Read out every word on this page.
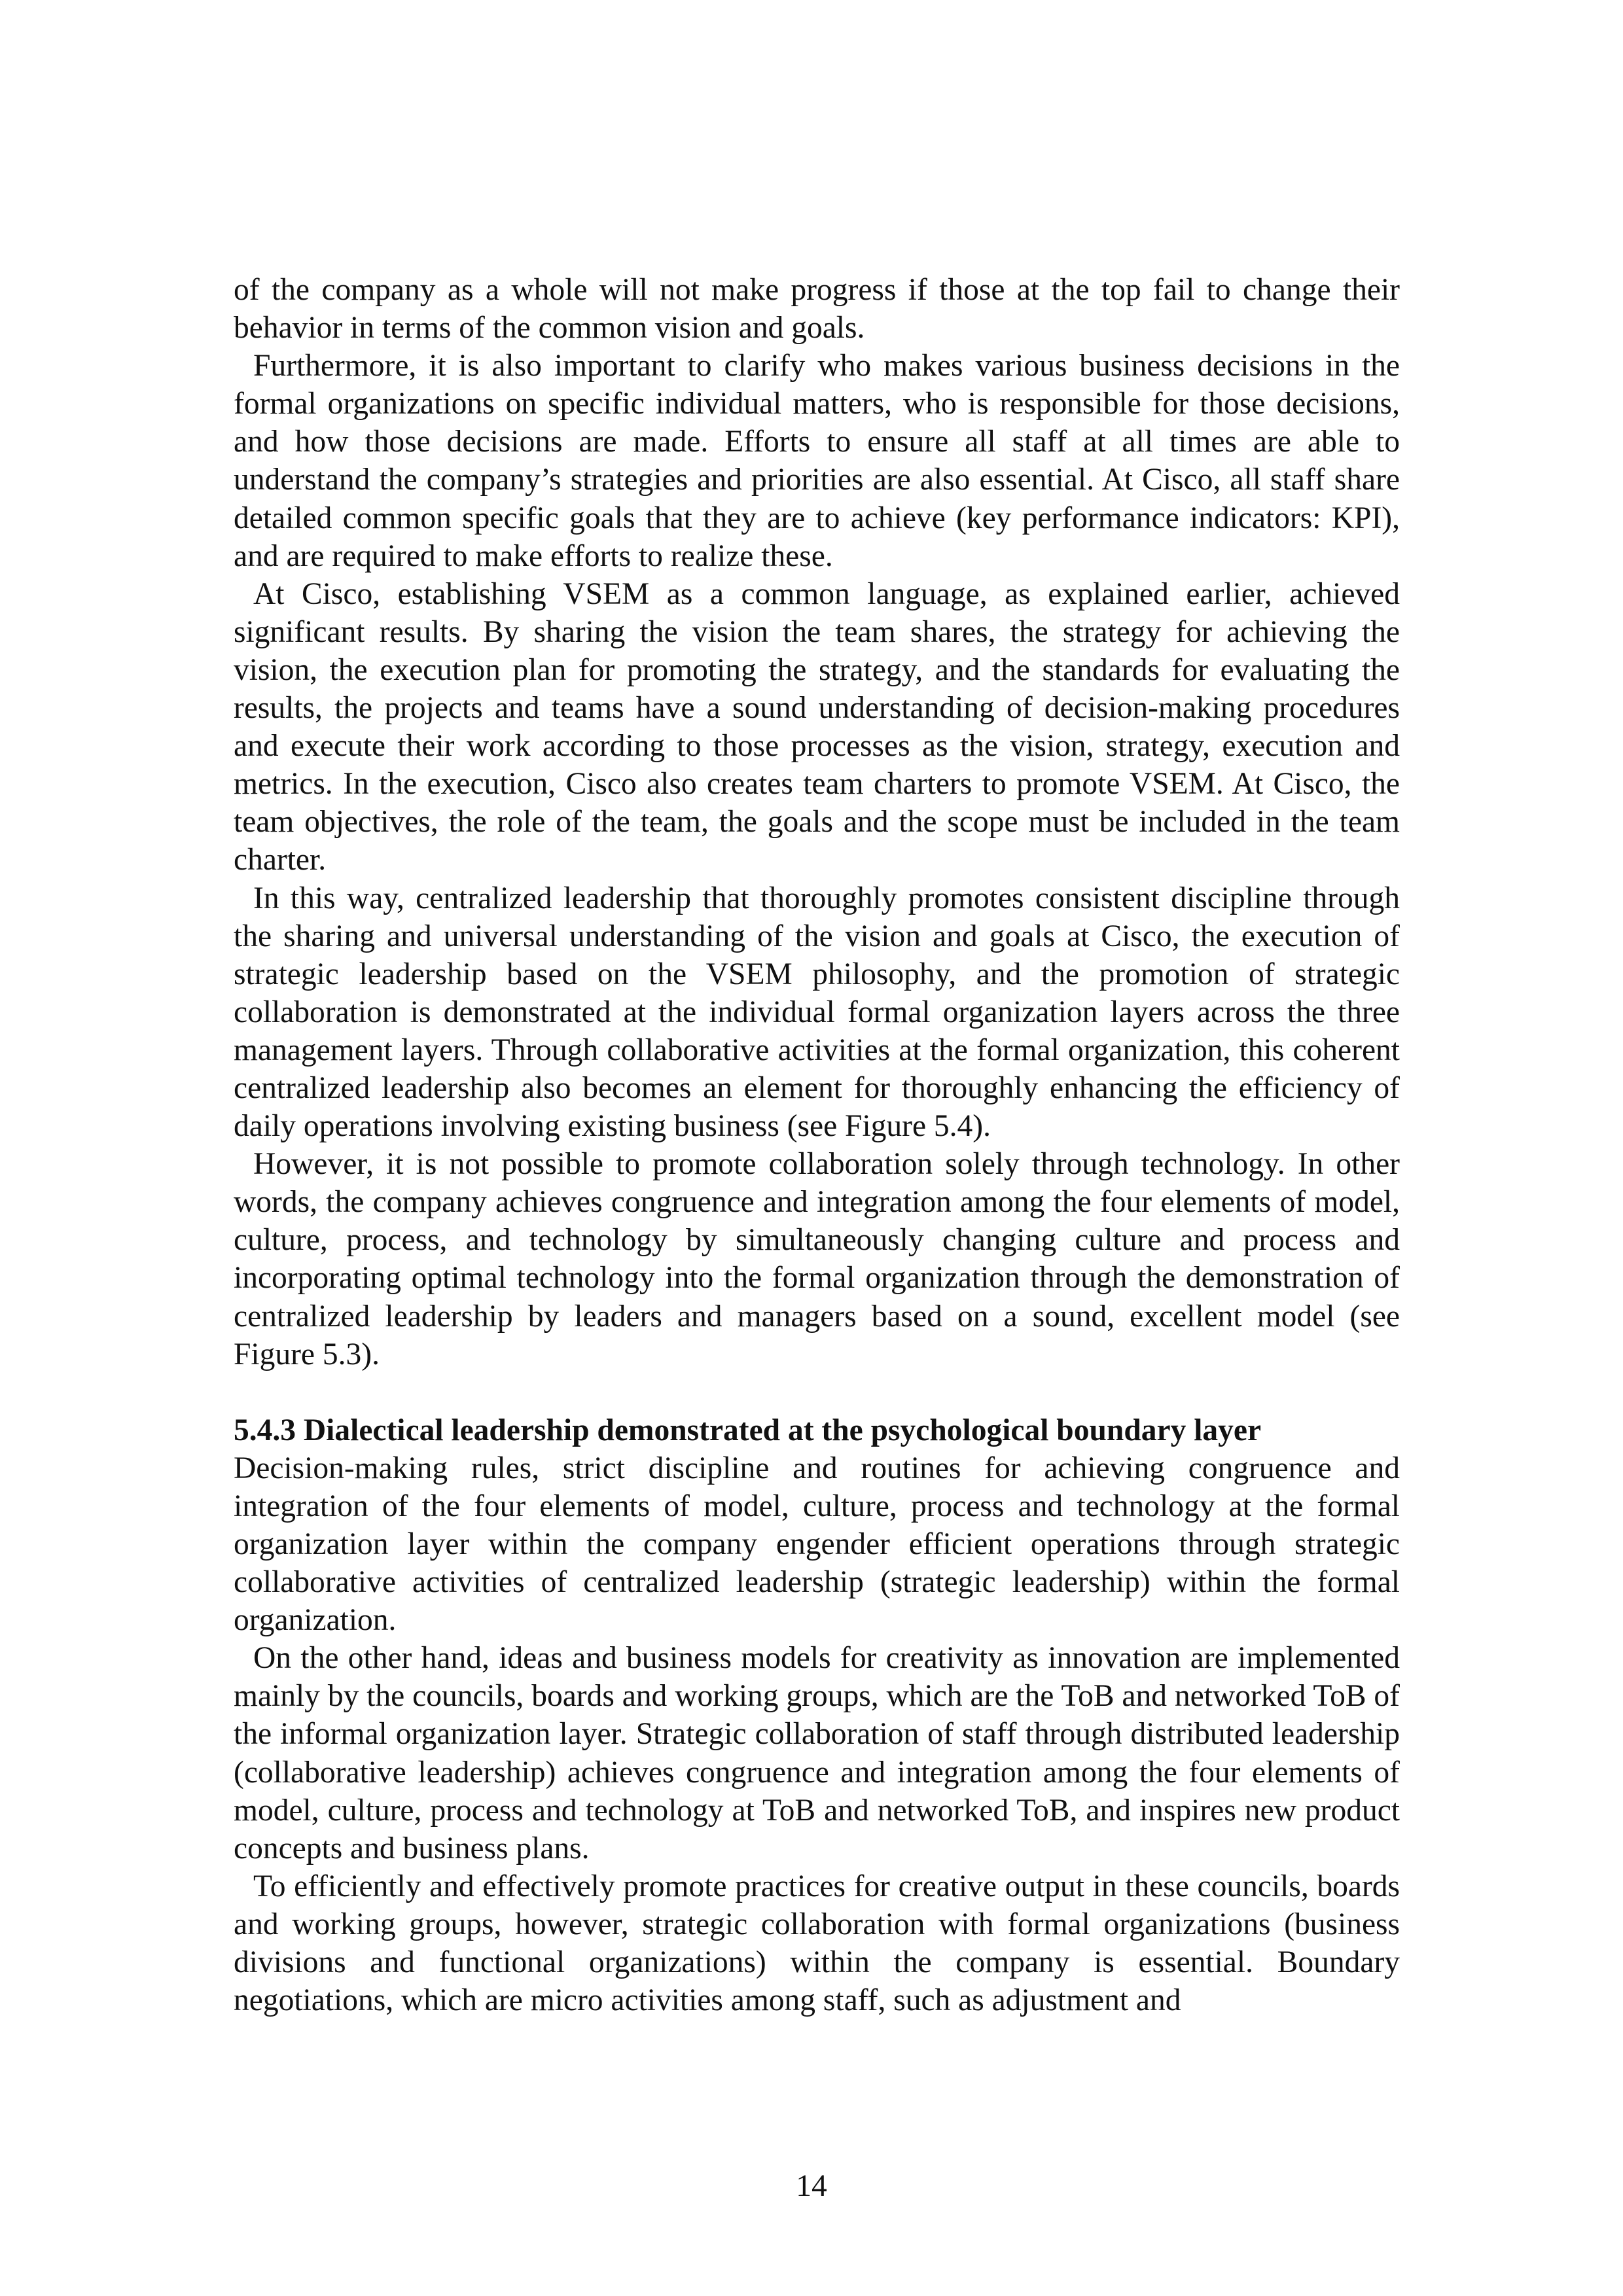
of the company as a whole will not make progress if those at the top fail to change their behavior in terms of the common vision and goals.

Furthermore, it is also important to clarify who makes various business decisions in the formal organizations on specific individual matters, who is responsible for those decisions, and how those decisions are made. Efforts to ensure all staff at all times are able to understand the company’s strategies and priorities are also essential. At Cisco, all staff share detailed common specific goals that they are to achieve (key performance indicators: KPI), and are required to make efforts to realize these.

At Cisco, establishing VSEM as a common language, as explained earlier, achieved significant results. By sharing the vision the team shares, the strategy for achieving the vision, the execution plan for promoting the strategy, and the standards for evaluating the results, the projects and teams have a sound understanding of decision-making procedures and execute their work according to those processes as the vision, strategy, execution and metrics. In the execution, Cisco also creates team charters to promote VSEM. At Cisco, the team objectives, the role of the team, the goals and the scope must be included in the team charter.

In this way, centralized leadership that thoroughly promotes consistent discipline through the sharing and universal understanding of the vision and goals at Cisco, the execution of strategic leadership based on the VSEM philosophy, and the promotion of strategic collaboration is demonstrated at the individual formal organization layers across the three management layers. Through collaborative activities at the formal organization, this coherent centralized leadership also becomes an element for thoroughly enhancing the efficiency of daily operations involving existing business (see Figure 5.4).

However, it is not possible to promote collaboration solely through technology. In other words, the company achieves congruence and integration among the four elements of model, culture, process, and technology by simultaneously changing culture and process and incorporating optimal technology into the formal organization through the demonstration of centralized leadership by leaders and managers based on a sound, excellent model (see Figure 5.3).

5.4.3 Dialectical leadership demonstrated at the psychological boundary layer

Decision-making rules, strict discipline and routines for achieving congruence and integration of the four elements of model, culture, process and technology at the formal organization layer within the company engender efficient operations through strategic collaborative activities of centralized leadership (strategic leadership) within the formal organization.

On the other hand, ideas and business models for creativity as innovation are implemented mainly by the councils, boards and working groups, which are the ToB and networked ToB of the informal organization layer. Strategic collaboration of staff through distributed leadership (collaborative leadership) achieves congruence and integration among the four elements of model, culture, process and technology at ToB and networked ToB, and inspires new product concepts and business plans.

To efficiently and effectively promote practices for creative output in these councils, boards and working groups, however, strategic collaboration with formal organizations (business divisions and functional organizations) within the company is essential. Boundary negotiations, which are micro activities among staff, such as adjustment and

14
